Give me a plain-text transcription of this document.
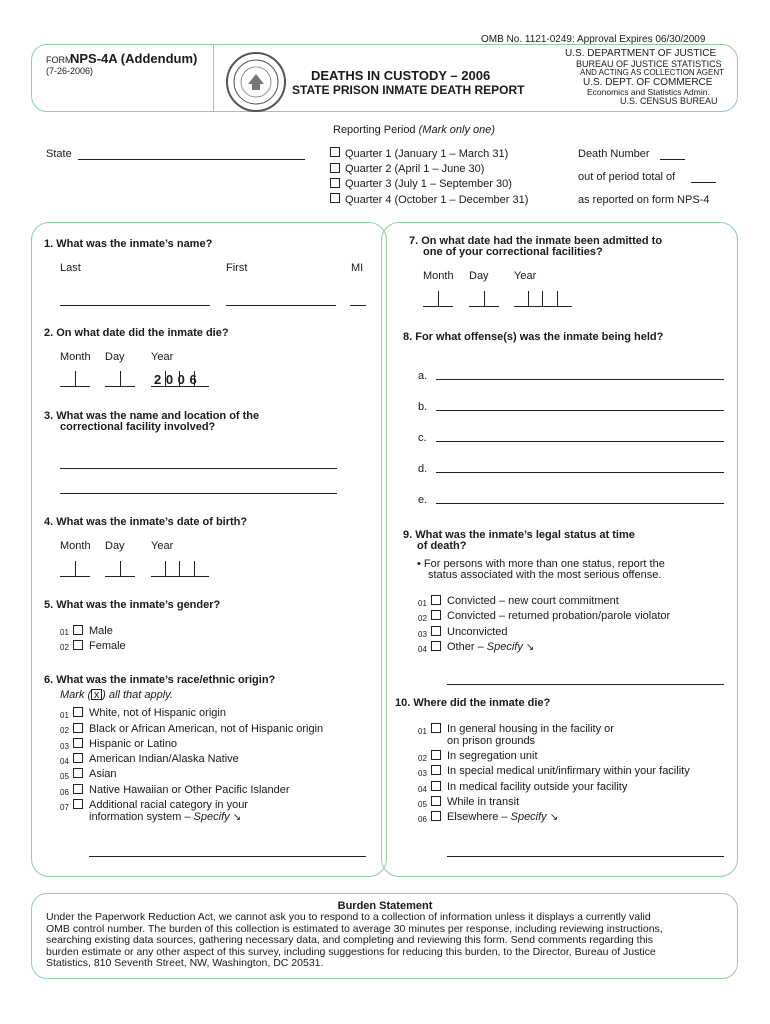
OMB No. 1121-0249: Approval Expires 06/30/2009
FORM
NPS-4A (Addendum)
(7-26-2006)	DEATHS IN CUSTODY – 2006
STATE PRISON INMATE DEATH REPORT
U.S. DEPARTMENT OF JUSTICE
BUREAU OF JUSTICE STATISTICS
AND ACTING AS COLLECTION AGENT
U.S. DEPT. OF COMMERCE
Economics and Statistics Admin.
U.S. CENSUS BUREAU
Reporting Period (Mark only one)
State	Quarter 1 (January 1 – March 31)
Quarter 2 (April 1 – June 30)
Quarter 3 (July 1 – September 30)
Quarter 4 (October 1 – December 31)
Death Number
out of period total of
as reported on form NPS-4
1. What was the inmate’s name?
Last	First	MI
2. On what date did the inmate die?
Month Day Year
2 0 0 6
3. What was the name and location of the
correctional facility involved?
4. What was the inmate’s date of birth?
Month Day Year
5. What was the inmate’s gender?
01 Male
02 Female
6. What was the inmate’s race/ethnic origin?
Mark ( x ) all that apply.
01 White, not of Hispanic origin
02 Black or African American, not of Hispanic origin
03 Hispanic or Latino
04 American Indian/Alaska Native
05 Asian
06 Native Hawaiian or Other Pacific Islander
07 Additional racial category in your
information system – Specify ↘
7. On what date had the inmate been admitted to
one of your correctional facilities?
Month Day Year
8. For what offense(s) was the inmate being held?
a.
b.
c.
d.
e.
9. What was the inmate’s legal status at time
of death?
• For persons with more than one status, report the
status associated with the most serious offense.
01 Convicted – new court commitment
02 Convicted – returned probation/parole violator
03 Unconvicted
04 Other – Specify ↘
10. Where did the inmate die?
01 In general housing in the facility or
on prison grounds
02 In segregation unit
03 In special medical unit/infirmary within your facility
04 In medical facility outside your facility
05 While in transit
06 Elsewhere – Specify ↘
Burden Statement
Under the Paperwork Reduction Act, we cannot ask you to respond to a collection of information unless it displays a currently valid
OMB control number. The burden of this collection is estimated to average 30 minutes per response, including reviewing instructions,
searching existing data sources, gathering necessary data, and completing and reviewing this form. Send comments regarding this
burden estimate or any other aspect of this survey, including suggestions for reducing this burden, to the Director, Bureau of Justice
Statistics, 810 Seventh Street, NW, Washington, DC 20531.
